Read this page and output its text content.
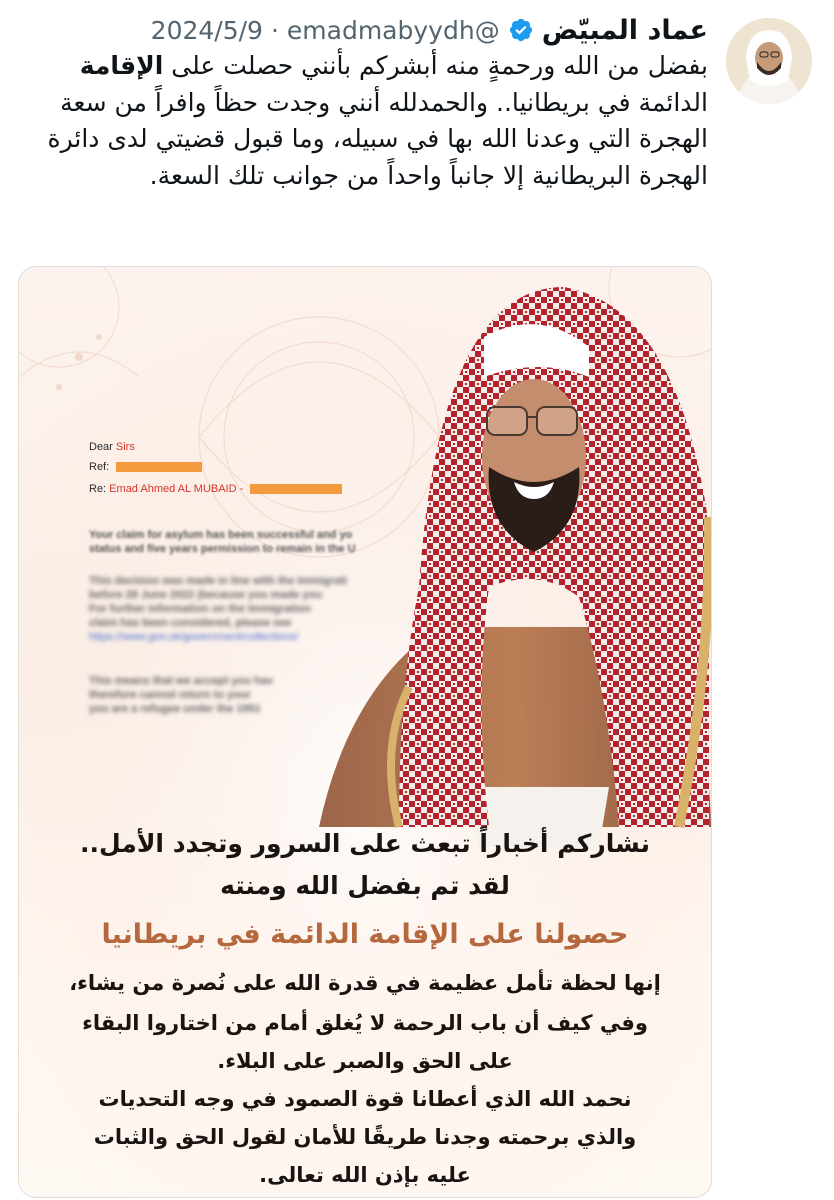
عماد المبيّض
@emadmabyydh
·
2024/5/9
بفضل من الله ورحمةٍ منه أبشركم بأنني حصلت على الإقامة الدائمة في بريطانيا.. والحمدلله أنني وجدت حظاً وافراً من سعة الهجرة التي وعدنا الله بها في سبيله، وما قبول قضيتي لدى دائرة الهجرة البريطانية إلا جانباً واحداً من جوانب تلك السعة.
Dear Sirs
Ref:
Re: Emad Ahmed AL MUBAID -
Your claim for asylum has been successful and yo
status and five years permission to remain in the U
This decision was made in line with the Immigrati
before 28 June 2022 (because you made you
For further information on the Immigration
claim has been considered, please see
https://www.gov.uk/government/collections/
This means that we accept you hav
therefore cannot return to your
you are a refugee under the 1951
نشاركم أخباراً تبعث على السرور وتجدد الأمل..
لقد تم بفضل الله ومنته
حصولنا على الإقامة الدائمة في بريطانيا
إنها لحظة تأمل عظيمة في قدرة الله على نُصرة من يشاء،
وفي كيف أن باب الرحمة لا يُغلق أمام من اختاروا البقاء
على الحق والصبر على البلاء.
نحمد الله الذي أعطانا قوة الصمود في وجه التحديات
والذي برحمته وجدنا طريقًا للأمان لقول الحق والثبات
عليه بإذن الله تعالى.
